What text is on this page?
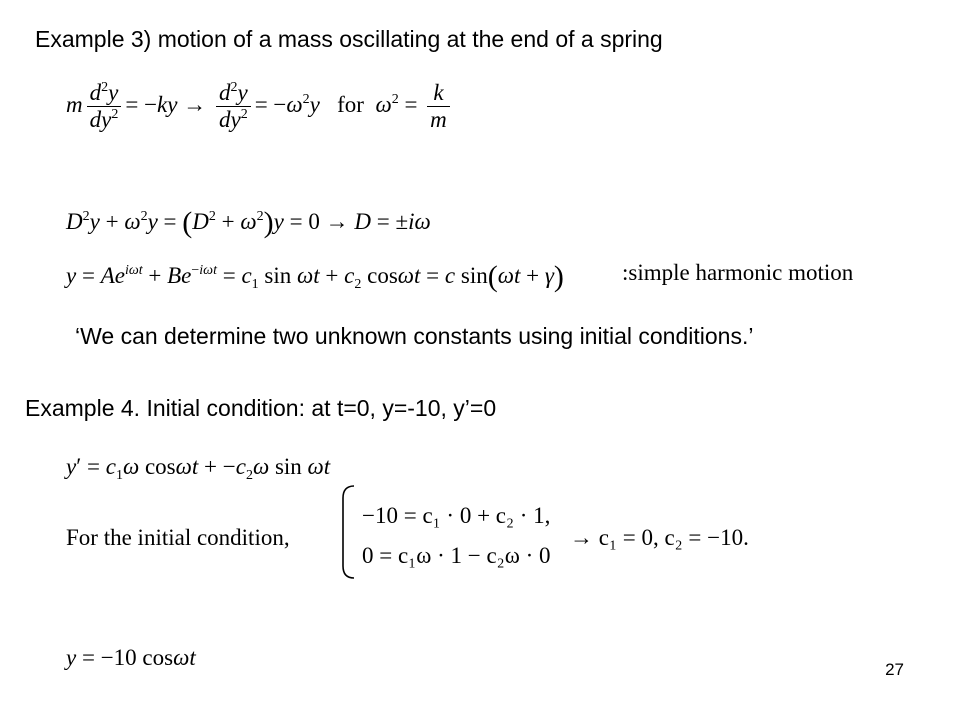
Example 3) motion of a mass oscillating at the end of a spring
m $\frac{d^2y}{dy^2} = -ky \to \frac{d^2y}{dy^2} = -\omega^2y$ for $\omega^2 = \frac{k}{m}$
$D^2y + \omega^2y = (D^2 + \omega^2)y = 0 \to D = \pm i\omega$
$y = Ae^{i\omega t} + Be^{-i\omega t} = c_1$ $\sin \omega t + c_2$ cosωt = c sin(ωt + γ)	:simple harmonic motion
‘We can determine two unknown constants using initial conditions.’
Example 4. Initial condition: at t=0, y=-10, y’=0
$y' = c_1\omega$ $\cos\omega t + -c_2\omega$ sin ωt
For the initial condition,
−10 = c₁ · 0 + c₂ · 1,
0 = c₁ω · 1 − c₂ω · 0
→ c₁ = 0, c₂ = −10.
y = −10 cosωt	27
